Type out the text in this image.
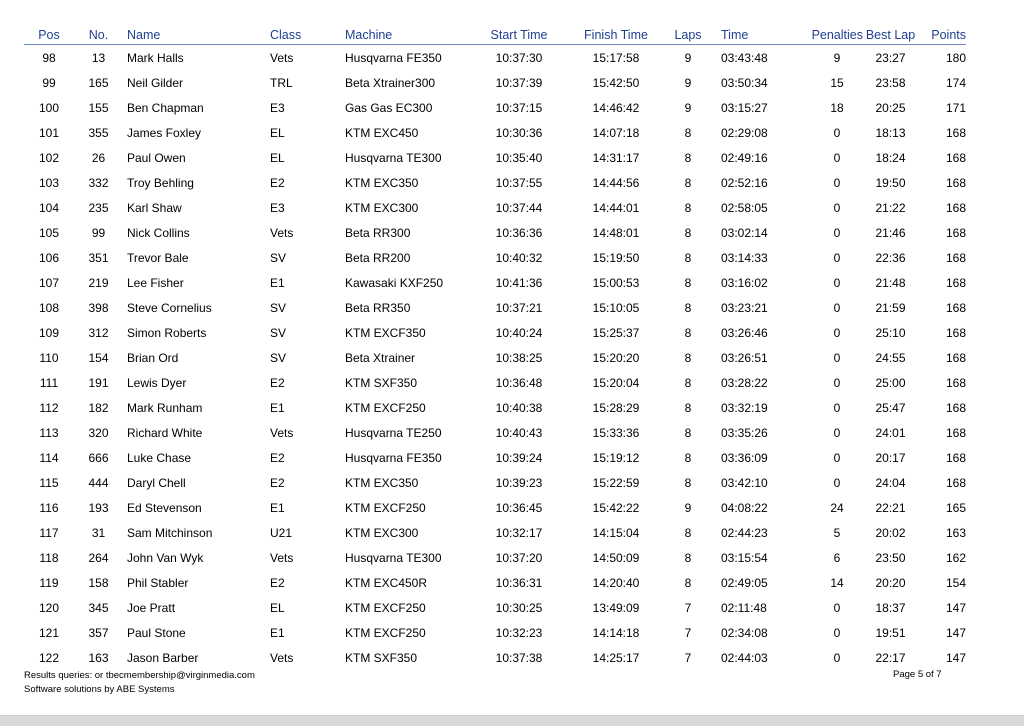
Pos	No.	Name	Class	Machine	Start Time	Finish Time	Laps	Time	Penalties	Best Lap	Points
98	13	Mark Halls	Vets	Husqvarna FE350	10:37:30	15:17:58	9	03:43:48	9	23:27	180
99	165	Neil Gilder	TRL	Beta Xtrainer300	10:37:39	15:42:50	9	03:50:34	15	23:58	174
100	155	Ben Chapman	E3	Gas Gas EC300	10:37:15	14:46:42	9	03:15:27	18	20:25	171
101	355	James Foxley	EL	KTM EXC450	10:30:36	14:07:18	8	02:29:08	0	18:13	168
102	26	Paul Owen	EL	Husqvarna TE300	10:35:40	14:31:17	8	02:49:16	0	18:24	168
103	332	Troy Behling	E2	KTM EXC350	10:37:55	14:44:56	8	02:52:16	0	19:50	168
104	235	Karl Shaw	E3	KTM EXC300	10:37:44	14:44:01	8	02:58:05	0	21:22	168
105	99	Nick Collins	Vets	Beta RR300	10:36:36	14:48:01	8	03:02:14	0	21:46	168
106	351	Trevor Bale	SV	Beta RR200	10:40:32	15:19:50	8	03:14:33	0	22:36	168
107	219	Lee Fisher	E1	Kawasaki KXF250	10:41:36	15:00:53	8	03:16:02	0	21:48	168
108	398	Steve Cornelius	SV	Beta RR350	10:37:21	15:10:05	8	03:23:21	0	21:59	168
109	312	Simon Roberts	SV	KTM EXCF350	10:40:24	15:25:37	8	03:26:46	0	25:10	168
110	154	Brian Ord	SV	Beta Xtrainer	10:38:25	15:20:20	8	03:26:51	0	24:55	168
111	191	Lewis Dyer	E2	KTM SXF350	10:36:48	15:20:04	8	03:28:22	0	25:00	168
112	182	Mark Runham	E1	KTM EXCF250	10:40:38	15:28:29	8	03:32:19	0	25:47	168
113	320	Richard White	Vets	Husqvarna TE250	10:40:43	15:33:36	8	03:35:26	0	24:01	168
114	666	Luke Chase	E2	Husqvarna FE350	10:39:24	15:19:12	8	03:36:09	0	20:17	168
115	444	Daryl Chell	E2	KTM EXC350	10:39:23	15:22:59	8	03:42:10	0	24:04	168
116	193	Ed Stevenson	E1	KTM EXCF250	10:36:45	15:42:22	9	04:08:22	24	22:21	165
117	31	Sam Mitchinson	U21	KTM EXC300	10:32:17	14:15:04	8	02:44:23	5	20:02	163
118	264	John Van Wyk	Vets	Husqvarna TE300	10:37:20	14:50:09	8	03:15:54	6	23:50	162
119	158	Phil Stabler	E2	KTM EXC450R	10:36:31	14:20:40	8	02:49:05	14	20:20	154
120	345	Joe Pratt	EL	KTM EXCF250	10:30:25	13:49:09	7	02:11:48	0	18:37	147
121	357	Paul Stone	E1	KTM EXCF250	10:32:23	14:14:18	7	02:34:08	0	19:51	147
122	163	Jason Barber	Vets	KTM SXF350	10:37:38	14:25:17	7	02:44:03	0	22:17	147
Results queries: or tbecmembership@virginmedia.com
Software solutions by ABE Systems
Page 5 of 7
